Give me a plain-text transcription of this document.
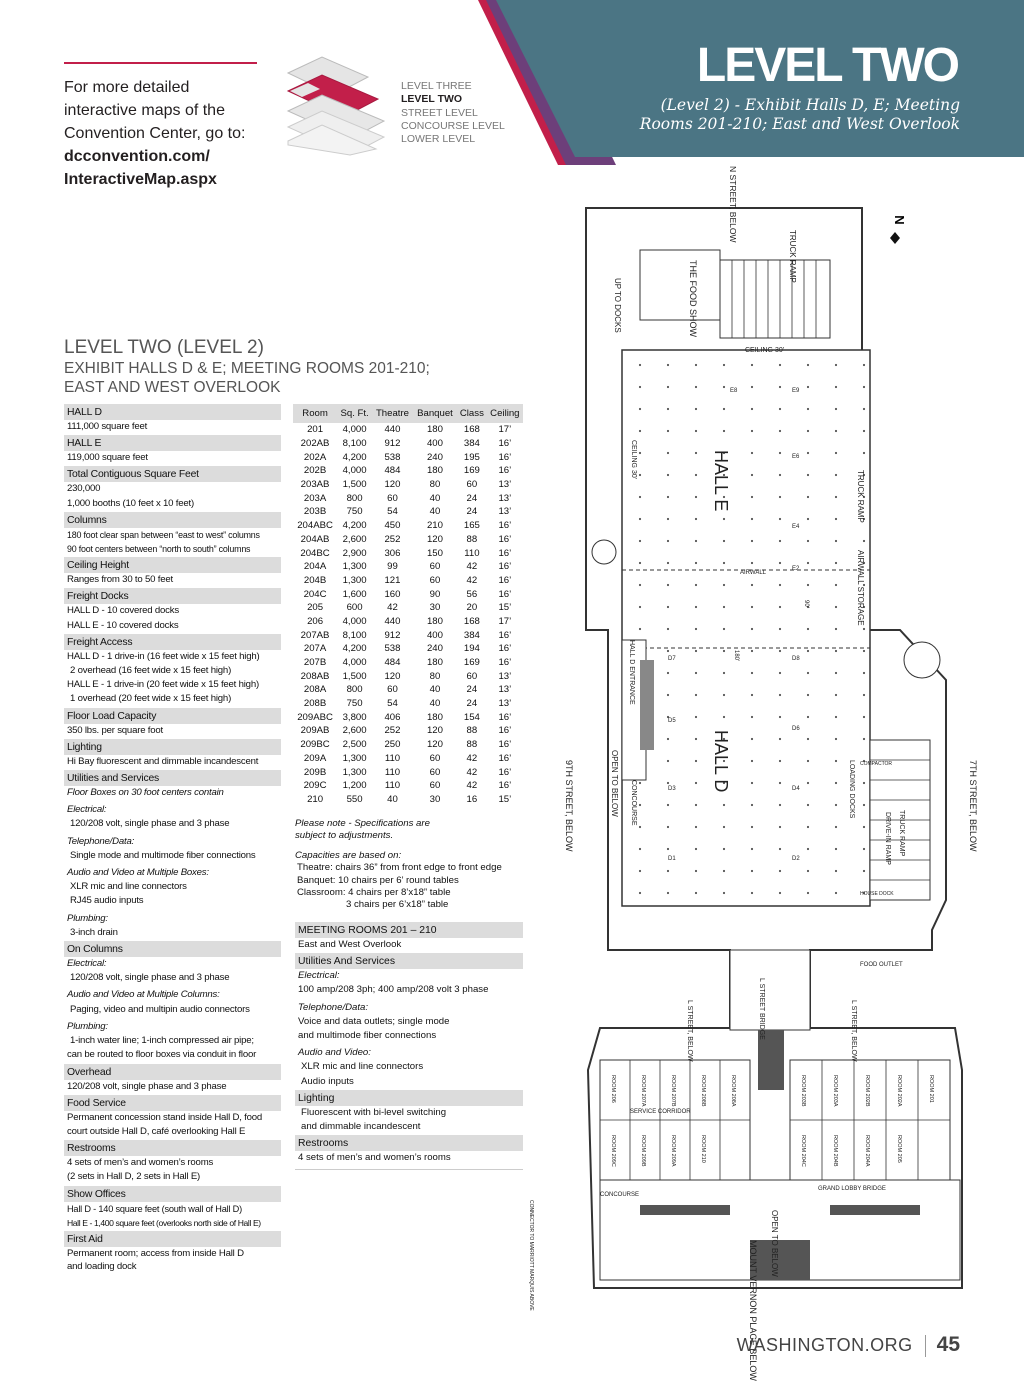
LEVEL TWO
(Level 2) - Exhibit Halls D, E; Meeting Rooms 201-210; East and West Overlook
For more detailed
interactive maps of the
Convention Center, go to:
dcconvention.com/
InteractiveMap.aspx
LEVEL THREE
LEVEL TWO
STREET LEVEL
CONCOURSE LEVEL
LOWER LEVEL
LEVEL TWO (LEVEL 2)
EXHIBIT HALLS D & E; MEETING ROOMS 201-210;
EAST AND WEST OVERLOOK
HALL D
111,000 square feet
HALL E
119,000 square feet
Total Contiguous Square Feet
230,000
1,000 booths (10 feet x 10 feet)
Columns
180 foot clear span between “east to west” columns
90 foot centers between “north to south” columns
Ceiling Height
Ranges from 30 to 50 feet
Freight Docks
HALL D - 10 covered docks
HALL E - 10 covered docks
Freight Access
HALL D - 1 drive-in (16 feet wide x 15 feet high)
2 overhead (16 feet wide x 15 feet high)
HALL E - 1 drive-in (20 feet wide x 15 feet high)
1 overhead (20 feet wide x 15 feet high)
Floor Load Capacity
350 lbs. per square foot
Lighting
Hi Bay fluorescent and dimmable incandescent
Utilities and Services
Floor Boxes on 30 foot centers contain
Electrical:
120/208 volt, single phase and 3 phase
Telephone/Data:
Single mode and multimode fiber connections
Audio and Video at Multiple Boxes:
XLR mic and line connectors
RJ45 audio inputs
Plumbing:
3-inch drain
On Columns
Electrical:
120/208 volt, single phase and 3 phase
Audio and Video at Multiple Columns:
Paging, video and multipin audio connectors
Plumbing:
1-inch water line; 1-inch compressed air pipe;
can be routed to floor boxes via conduit in floor
Overhead
120/208 volt, single phase and 3 phase
Food Service
Permanent concession stand inside Hall D, food
court outside Hall D, café overlooking Hall E
Restrooms
4 sets of men’s and women’s rooms
(2 sets in Hall D, 2 sets in Hall E)
Show Offices
Hall D - 140 square feet (south wall of Hall D)
Hall E - 1,400 square feet (overlooks north side of Hall E)
First Aid
Permanent room; access from inside Hall D
and loading dock
Room	Sq. Ft.	Theatre	Banquet	Class	Ceiling
201	4,000	440	180	168	17’
202AB	8,100	912	400	384	16’
202A	4,200	538	240	195	16’
202B	4,000	484	180	169	16’
203AB	1,500	120	80	60	13’
203A	800	60	40	24	13’
203B	750	54	40	24	13’
204ABC	4,200	450	210	165	16’
204AB	2,600	252	120	88	16’
204BC	2,900	306	150	110	16’
204A	1,300	99	60	42	16’
204B	1,300	121	60	42	16’
204C	1,600	160	90	56	16’
205	600	42	30	20	15’
206	4,000	440	180	168	17’
207AB	8,100	912	400	384	16’
207A	4,200	538	240	194	16’
207B	4,000	484	180	169	16’
208AB	1,500	120	80	60	13’
208A	800	60	40	24	13’
208B	750	54	40	24	13’
209ABC	3,800	406	180	154	16’
209AB	2,600	252	120	88	16’
209BC	2,500	250	120	88	16’
209A	1,300	110	60	42	16’
209B	1,300	110	60	42	16’
209C	1,200	110	60	42	16’
210	550	40	30	16	15’
Please note - Specifications are
subject to adjustments.
Capacities are based on:
Theatre: chairs 36” from front edge to front edge
Banquet: 10 chairs per 6’ round tables
Classroom: 4 chairs per 8’x18” table
3 chairs per 6’x18” table
MEETING ROOMS 201 – 210
East and West Overlook
Utilities And Services
Electrical:
100 amp/208 3ph; 400 amp/208 volt 3 phase
Telephone/Data:
Voice and data outlets; single mode
and multimode fiber connections
Audio and Video:
XLR mic and line connectors
Audio inputs
Lighting
Fluorescent with bi-level switching
and dimmable incandescent
Restrooms
4 sets of men’s and women’s rooms
N
N STREET, BELOW
TRUCK RAMP
UP TO DOCKS	THE FOOD SHOW
CEILING 30’
CEILING 30’	HALL E
HALL D
AIRWALL
TRUCK RAMP
AIRWALL STORAGE
HALL D ENTRANCE
OPEN TO BELOW CONCOURSE	LOADING DOCKS
TRUCK RAMP
DRIVE-IN RAMP
9TH STREET, BELOW	7TH STREET, BELOW
L STREET, BELOW	L STREET, BELOW
L STREET BRIDGE
FOOD OUTLET
COMPACTOR
HOUSE DOCK
SERVICE CORRIDOR
GRAND LOBBY BRIDGE
CONCOURSE
CONNECTOR TO MARRIOTT MARQUIS ABOVE	MOUNT VERNON PLACE BELOW OPEN TO BELOW
180’
90’
E8	E9
E6
E4
E2
D7	D8
D6
D5
D3	D4
D1	D2
ROOM 206	ROOM 207A	ROOM 207B	ROOM 208B	ROOM 208A
ROOM 209C	ROOM 209B	ROOM 209A	ROOM 210
ROOM 203B	ROOM 203A	ROOM 202B	ROOM 202A	ROOM 201
ROOM 204C	ROOM 204B	ROOM 204A	ROOM 205
WASHINGTON.ORG 45
